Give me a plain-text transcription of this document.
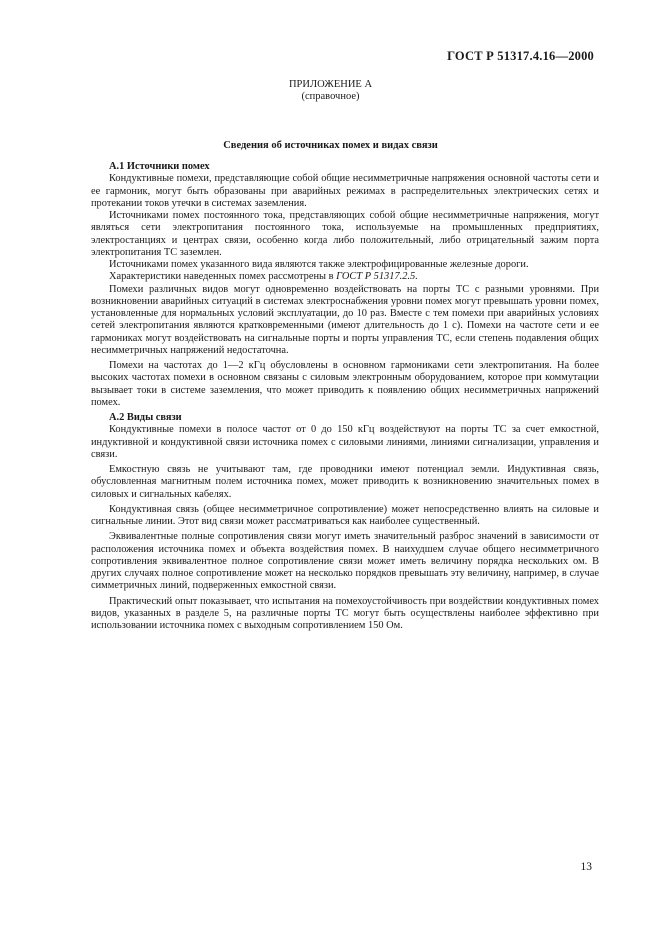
ГОСТ Р 51317.4.16—2000
ПРИЛОЖЕНИЕ А
(справочное)
Сведения об источниках помех и видах связи

А.1 Источники помех

Кондуктивные помехи, представляющие собой общие несимметричные напряжения основной частоты сети и ее гармоник, могут быть образованы при аварийных режимах в распределительных электрических сетях и протекании токов утечки в системах заземления.

Источниками помех постоянного тока, представляющих собой общие несимметричные напряжения, могут являться сети электропитания постоянного тока, используемые на промышленных предприятиях, электростанциях и центрах связи, особенно когда либо положительный, либо отрицательный зажим порта электропитания ТС заземлен.

Источниками помех указанного вида являются также электрофицированные железные дороги.

Характеристики наведенных помех рассмотрены в ГОСТ Р 51317.2.5.

Помехи различных видов могут одновременно воздействовать на порты ТС с разными уровнями. При возникновении аварийных ситуаций в системах электроснабжения уровни помех могут превышать уровни помех, установленные для нормальных условий эксплуатации, до 10 раз. Вместе с тем помехи при аварийных условиях сетей электропитания являются кратковременными (имеют длительность до 1 с). Помехи на частоте сети и ее гармониках могут воздействовать на сигнальные порты и порты управления ТС, если степень подавления общих несимметричных напряжений недостаточна.

Помехи на частотах до 1—2 кГц обусловлены в основном гармониками сети электропитания. На более высоких частотах помехи в основном связаны с силовым электронным оборудованием, которое при коммутации вызывает токи в системе заземления, что может приводить к появлению общих несимметричных напряжений помех.

А.2 Виды связи

Кондуктивные помехи в полосе частот от 0 до 150 кГц воздействуют на порты ТС за счет емкостной, индуктивной и кондуктивной связи источника помех с силовыми линиями, линиями сигнализации, управления и связи.

Емкостную связь не учитывают там, где проводники имеют потенциал земли. Индуктивная связь, обусловленная магнитным полем источника помех, может приводить к возникновению значительных помех в силовых и сигнальных кабелях.

Кондуктивная связь (общее несимметричное сопротивление) может непосредственно влиять на силовые и сигнальные линии. Этот вид связи может рассматриваться как наиболее существенный.

Эквивалентные полные сопротивления связи могут иметь значительный разброс значений в зависимости от расположения источника помех и объекта воздействия помех. В наихудшем случае общего несимметричного сопротивления эквивалентное полное сопротивление связи может иметь величину порядка нескольких ом. В других случаях полное сопротивление может на несколько порядков превышать эту величину, например, в случае симметричных линий, подверженных емкостной связи.

Практический опыт показывает, что испытания на помехоустойчивость при воздействии кондуктивных помех видов, указанных в разделе 5, на различные порты ТС могут быть осуществлены наиболее эффективно при использовании источника помех с выходным сопротивлением 150 Ом.

13
